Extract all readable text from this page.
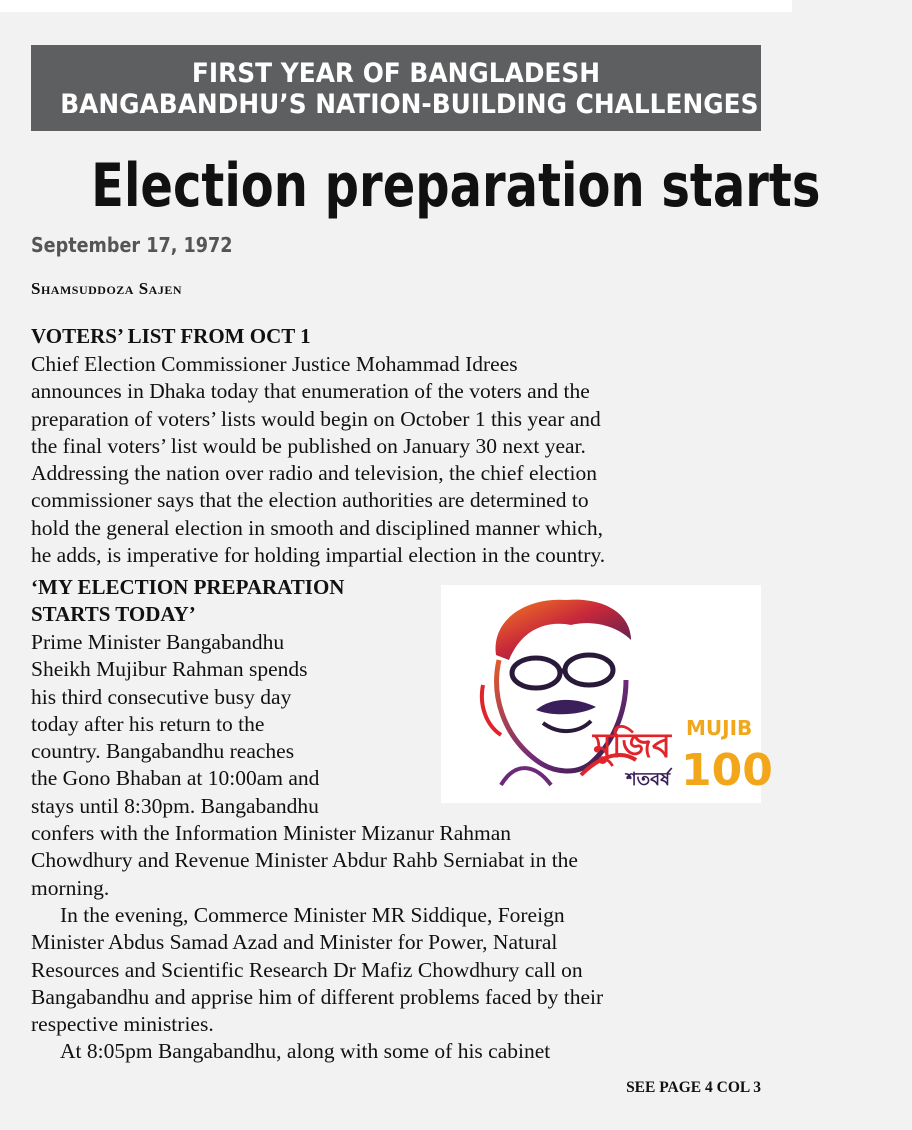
FIRST YEAR OF BANGLADESH
BANGABANDHU’S NATION-BUILDING CHALLENGES
Election preparation starts
September 17, 1972
Shamsuddoza Sajen
VOTERS’ LIST FROM OCT 1
Chief Election Commissioner Justice Mohammad Idrees
announces in Dhaka today that enumeration of the voters and the
preparation of voters’ lists would begin on October 1 this year and
the final voters’ list would be published on January 30 next year.
Addressing the nation over radio and television, the chief election
commissioner says that the election authorities are determined to
hold the general election in smooth and disciplined manner which,
he adds, is imperative for holding impartial election in the country.
‘MY ELECTION PREPARATION
STARTS TODAY’
Prime Minister Bangabandhu
Sheikh Mujibur Rahman spends
his third consecutive busy day
today after his return to the
country. Bangabandhu reaches
the Gono Bhaban at 10:00am and
stays until 8:30pm. Bangabandhu
confers with the Information Minister Mizanur Rahman
Chowdhury and Revenue Minister Abdur Rahb Serniabat in the
morning.
In the evening, Commerce Minister MR Siddique, Foreign
Minister Abdus Samad Azad and Minister for Power, Natural
Resources and Scientific Research Dr Mafiz Chowdhury call on
Bangabandhu and apprise him of different problems faced by their
respective ministries.
At 8:05pm Bangabandhu, along with some of his cabinet
মুজিব
শতবর্ষ
MUJIB
100
SEE PAGE 4 COL 3
